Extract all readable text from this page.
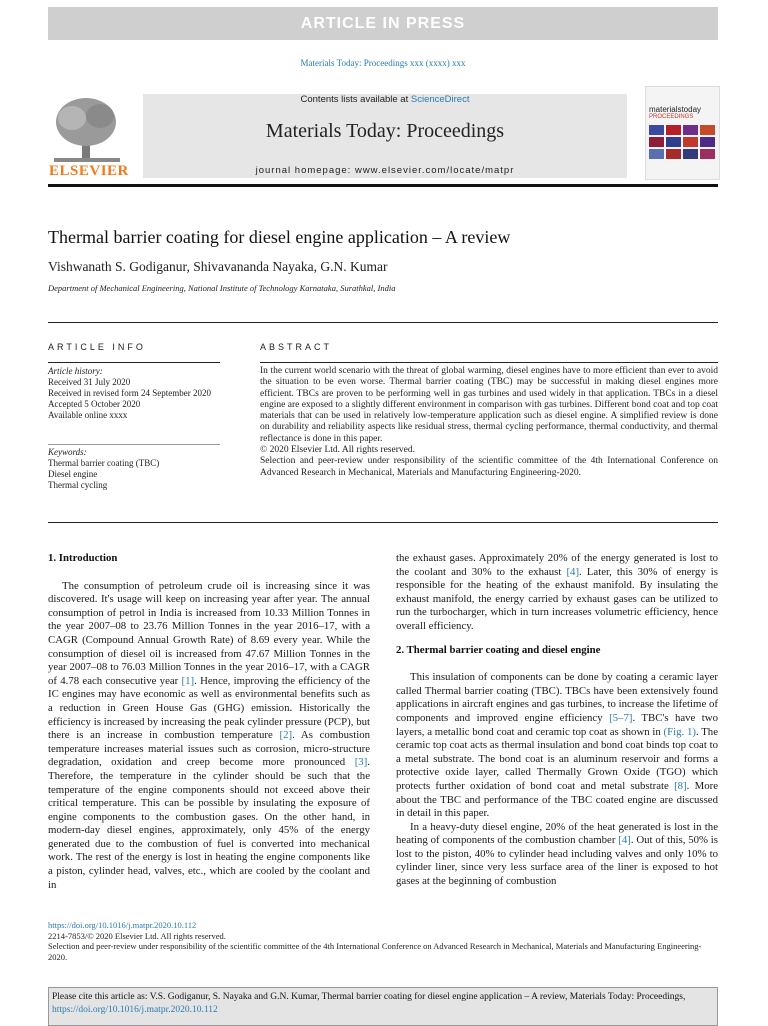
ARTICLE IN PRESS
Materials Today: Proceedings xxx (xxxx) xxx
ELSEVIER
Contents lists available at ScienceDirect
Materials Today: Proceedings
journal homepage: www.elsevier.com/locate/matpr
materialstoday
PROCEEDINGS
Thermal barrier coating for diesel engine application – A review
Vishwanath S. Godiganur, Shivavananda Nayaka, G.N. Kumar
Department of Mechanical Engineering, National Institute of Technology Karnataka, Surathkal, India
ARTICLE INFO
Article history:
Received 31 July 2020
Received in revised form 24 September 2020
Accepted 5 October 2020
Available online xxxx
Keywords:
Thermal barrier coating (TBC)
Diesel engine
Thermal cycling
ABSTRACT
In the current world scenario with the threat of global warming, diesel engines have to more efficient than ever to avoid the situation to be even worse. Thermal barrier coating (TBC) may be successful in making diesel engines more efficient. TBCs are proven to be performing well in gas turbines and used widely in that application. TBCs in a diesel engine are exposed to a slightly different environment in comparison with gas turbines. Different bond coat and top coat materials that can be used in relatively low-temperature application such as diesel engine. A simplified review is done on durability and reliability aspects like residual stress, thermal cycling performance, thermal conductivity, and thermal reflectance is done in this paper.
© 2020 Elsevier Ltd. All rights reserved.
Selection and peer-review under responsibility of the scientific committee of the 4th International Conference on Advanced Research in Mechanical, Materials and Manufacturing Engineering-2020.
1. Introduction

The consumption of petroleum crude oil is increasing since it was discovered. It's usage will keep on increasing year after year. The annual consumption of petrol in India is increased from 10.33 Million Tonnes in the year 2007–08 to 23.76 Million Tonnes in the year 2016–17, with a CAGR (Compound Annual Growth Rate) of 8.69 every year. While the consumption of diesel oil is increased from 47.67 Million Tonnes in the year 2007–08 to 76.03 Million Tonnes in the year 2016–17, with a CAGR of 4.78 each consecutive year [1]. Hence, improving the efficiency of the IC engines may have economic as well as environmental benefits such as a reduction in Green House Gas (GHG) emission. Historically the efficiency is increased by increasing the peak cylinder pressure (PCP), but there is an increase in combustion temperature [2]. As combustion temperature increases material issues such as corrosion, micro-structure degradation, oxidation and creep become more pronounced [3]. Therefore, the temperature in the cylinder should be such that the temperature of the engine components should not exceed above their critical temperature. This can be possible by insulating the exposure of engine components to the combustion gases. On the other hand, in modern-day diesel engines, approximately, only 45% of the energy generated due to the combustion of fuel is converted into mechanical work. The rest of the energy is lost in heating the engine components like a piston, cylinder head, valves, etc., which are cooled by the coolant and in

the exhaust gases. Approximately 20% of the energy generated is lost to the coolant and 30% to the exhaust [4]. Later, this 30% of energy is responsible for the heating of the exhaust manifold. By insulating the exhaust manifold, the energy carried by exhaust gases can be utilized to run the turbocharger, which in turn increases volumetric efficiency, hence overall efficiency.

2. Thermal barrier coating and diesel engine

This insulation of components can be done by coating a ceramic layer called Thermal barrier coating (TBC). TBCs have been extensively found applications in aircraft engines and gas turbines, to increase the lifetime of components and improved engine efficiency [5–7]. TBC's have two layers, a metallic bond coat and ceramic top coat as shown in (Fig. 1). The ceramic top coat acts as thermal insulation and bond coat binds top coat to a metal substrate. The bond coat is an aluminum reservoir and forms a protective oxide layer, called Thermally Grown Oxide (TGO) which protects further oxidation of bond coat and metal substrate [8]. More about the TBC and performance of the TBC coated engine are discussed in detail in this paper.

In a heavy-duty diesel engine, 20% of the heat generated is lost in the heating of components of the combustion chamber [4]. Out of this, 50% is lost to the piston, 40% to cylinder head including valves and only 10% to cylinder liner, since very less surface area of the liner is exposed to hot gases at the beginning of combustion

https://doi.org/10.1016/j.matpr.2020.10.112
2214-7853/© 2020 Elsevier Ltd. All rights reserved.
Selection and peer-review under responsibility of the scientific committee of the 4th International Conference on Advanced Research in Mechanical, Materials and Manufacturing Engineering-2020.
Please cite this article as: V.S. Godiganur, S. Nayaka and G.N. Kumar, Thermal barrier coating for diesel engine application – A review, Materials Today: Proceedings, https://doi.org/10.1016/j.matpr.2020.10.112
